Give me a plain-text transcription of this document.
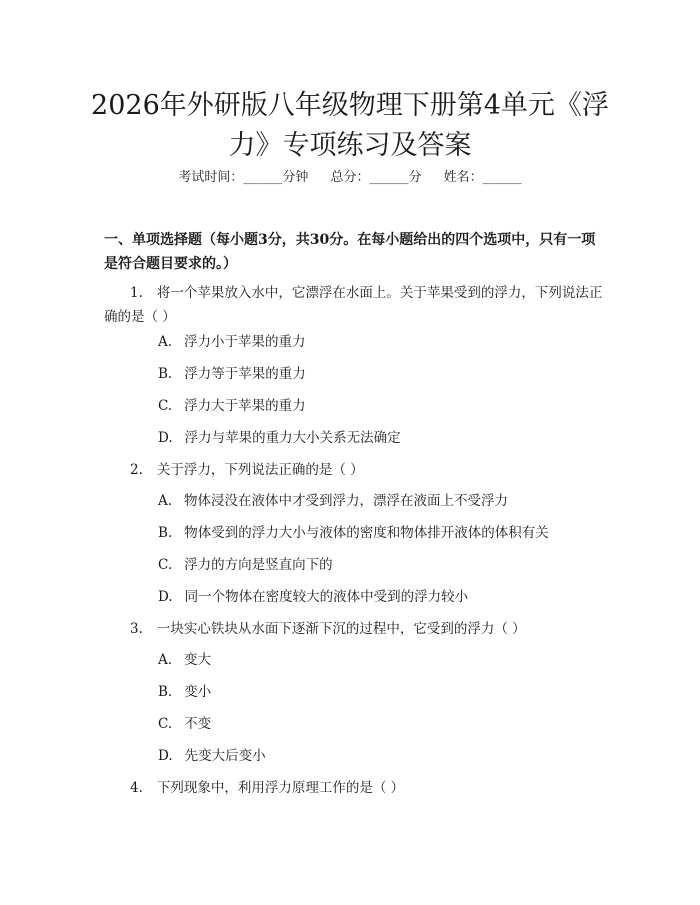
2026年外研版八年级物理下册第4单元《浮力》专项练习及答案
考试时间：______分钟 总分：______分 姓名：______

一、单项选择题（每小题3分，共30分。在每小题给出的四个选项中，只有一项是符合题目要求的。）

1. 将一个苹果放入水中，它漂浮在水面上。关于苹果受到的浮力，下列说法正确的是（ ）

A. 浮力小于苹果的重力
B. 浮力等于苹果的重力
C. 浮力大于苹果的重力
D. 浮力与苹果的重力大小关系无法确定

2. 关于浮力，下列说法正确的是（ ）

A. 物体浸没在液体中才受到浮力，漂浮在液面上不受浮力
B. 物体受到的浮力大小与液体的密度和物体排开液体的体积有关
C. 浮力的方向是竖直向下的
D. 同一个物体在密度较大的液体中受到的浮力较小

3. 一块实心铁块从水面下逐渐下沉的过程中，它受到的浮力（ ）

A. 变大
B. 变小
C. 不变
D. 先变大后变小

4. 下列现象中，利用浮力原理工作的是（ ）
